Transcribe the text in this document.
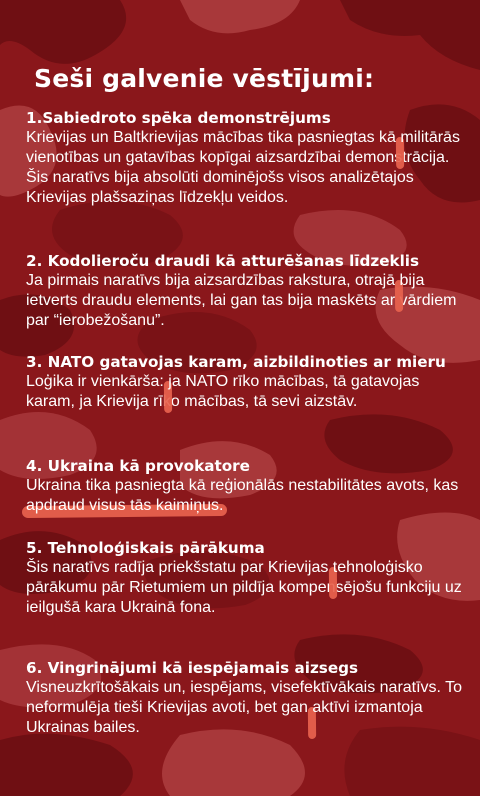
Seši galvenie vēstījumi:
1.Sabiedroto spēka demonstrējums

Krievijas un Baltkrievijas mācības tika pasniegtas kā militārās vienotības un gatavības kopīgai aizsardzībai demonstrācija. Šis naratīvs bija absolūti dominējošs visos analizētajos Krievijas plašsaziņas līdzekļu veidos.

2. Kodolieroču draudi kā atturēšanas līdzeklis

Ja pirmais naratīvs bija aizsardzības rakstura, otrajā bija ietverts draudu elements, lai gan tas bija maskēts ar vārdiem par “ierobežošanu”.

3. NATO gatavojas karam, aizbildinoties ar mieru

Loģika ir vienkārša: ja NATO rīko mācības, tā gatavojas karam, ja Krievija rīko mācības, tā sevi aizstāv.

4. Ukraina kā provokatore

Ukraina tika pasniegta kā reģionālās nestabilitātes avots, kas apdraud visus tās kaimiņus.

5. Tehnoloģiskais pārākuma

Šis naratīvs radīja priekšstatu par Krievijas tehnoloģisko pārākumu pār Rietumiem un pildīja kompensējošu funkciju uz ieilgušā kara Ukrainā fona.

6. Vingrinājumi kā iespējamais aizsegs

Visneuzkrītošākais un, iespējams, visefektīvākais naratīvs. To neformulēja tieši Krievijas avoti, bet gan aktīvi izmantoja Ukrainas bailes.
